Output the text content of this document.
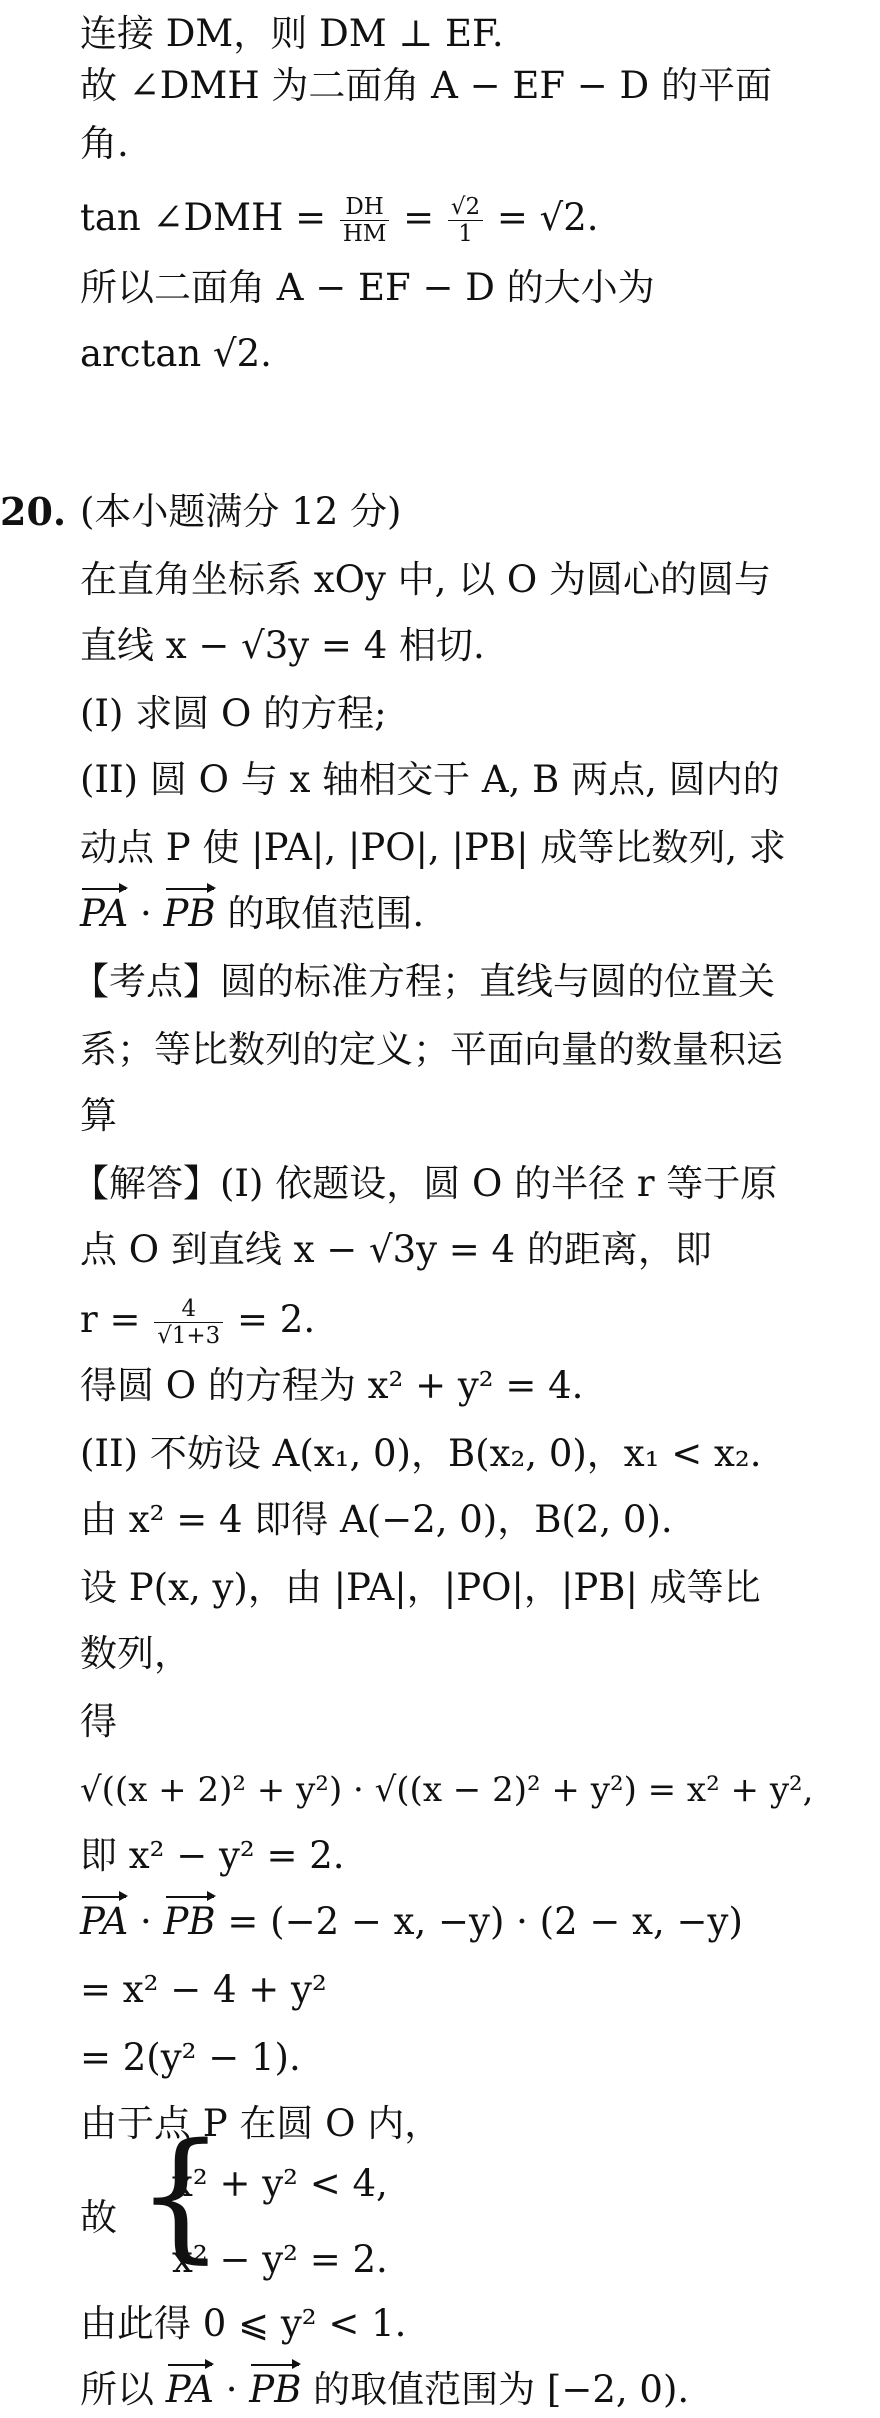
连接 DM，则 DM ⊥ EF.
故 ∠DMH 为二面角 A − EF − D 的平面
角.
tan ∠DMH = $\frac{DH}{HM} = \frac{√2}{1} = √2$.
所以二面角 A − EF − D 的大小为
arctan √2.
20. (本小题满分 12 分)
在直角坐标系 xOy 中, 以 O 为圆心的圆与
直线 x − √3y = 4 相切.
(I) 求圆 O 的方程;
(II) 圆 O 与 x 轴相交于 A, B 两点, 圆内的
动点 P 使 |PA|, |PO|, |PB| 成等比数列, 求
PA · PB 的取值范围.
【考点】圆的标准方程；直线与圆的位置关
系；等比数列的定义；平面向量的数量积运
算
【解答】(I) 依题设，圆 O 的半径 r 等于原
点 O 到直线 x − √3y = 4 的距离，即
$r = \frac{4}{√1+3} = 2$.
得圆 O 的方程为 x² + y² = 4.
(II) 不妨设 A(x₁, 0)，B(x₂, 0)，x₁ < x₂.
由 x² = 4 即得 A(−2, 0)，B(2, 0).
设 P(x, y)，由 |PA|，|PO|，|PB| 成等比
数列，
得
√((x + 2)² + y²) · √((x − 2)² + y²) = x² + y²,
即 x² − y² = 2.
PA · PB = (−2 − x, −y) · (2 − x, −y)
= x² − 4 + y²
= 2(y² − 1).
由于点 P 在圆 O 内，
故 {
x² + y² < 4,
x² − y² = 2.
由此得 0 ⩽ y² < 1.
所以 PA · PB 的取值范围为 [−2, 0).
